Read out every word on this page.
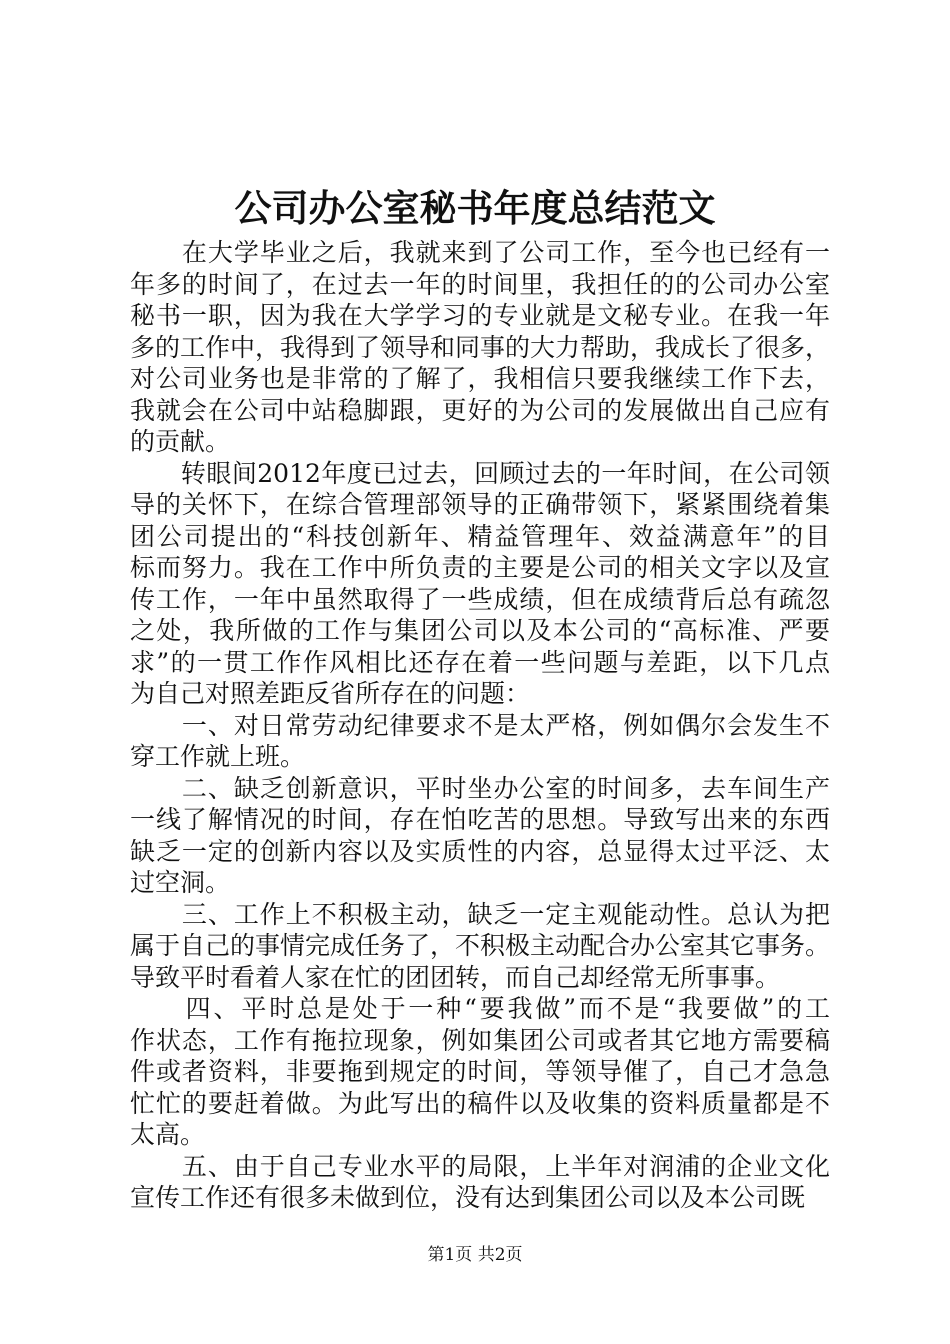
公司办公室秘书年度总结范文
　　在大学毕业之后，我就来到了公司工作，至今也已经有一
年多的时间了，在过去一年的时间里，我担任的的公司办公室
秘书一职，因为我在大学学习的专业就是文秘专业。在我一年
多的工作中，我得到了领导和同事的大力帮助，我成长了很多，
对公司业务也是非常的了解了，我相信只要我继续工作下去，
我就会在公司中站稳脚跟，更好的为公司的发展做出自己应有
的贡献。
　　转眼间2012年度已过去，回顾过去的一年时间，在公司领
导的关怀下，在综合管理部领导的正确带领下，紧紧围绕着集
团公司提出的“科技创新年、精益管理年、效益满意年”的目
标而努力。我在工作中所负责的主要是公司的相关文字以及宣
传工作，一年中虽然取得了一些成绩，但在成绩背后总有疏忽
之处，我所做的工作与集团公司以及本公司的“高标准、严要
求”的一贯工作作风相比还存在着一些问题与差距，以下几点
为自己对照差距反省所存在的问题：
　　一、对日常劳动纪律要求不是太严格，例如偶尔会发生不
穿工作就上班。
　　二、缺乏创新意识，平时坐办公室的时间多，去车间生产
一线了解情况的时间，存在怕吃苦的思想。导致写出来的东西
缺乏一定的创新内容以及实质性的内容，总显得太过平泛、太
过空洞。
　　三、工作上不积极主动，缺乏一定主观能动性。总认为把
属于自己的事情完成任务了，不积极主动配合办公室其它事务。
导致平时看着人家在忙的团团转，而自己却经常无所事事。
　　四、平时总是处于一种“要我做”而不是“我要做”的工
作状态，工作有拖拉现象，例如集团公司或者其它地方需要稿
件或者资料，非要拖到规定的时间，等领导催了，自己才急急
忙忙的要赶着做。为此写出的稿件以及收集的资料质量都是不
太高。
　　五、由于自己专业水平的局限，上半年对润浦的企业文化
宣传工作还有很多未做到位，没有达到集团公司以及本公司既
第1页 共2页
